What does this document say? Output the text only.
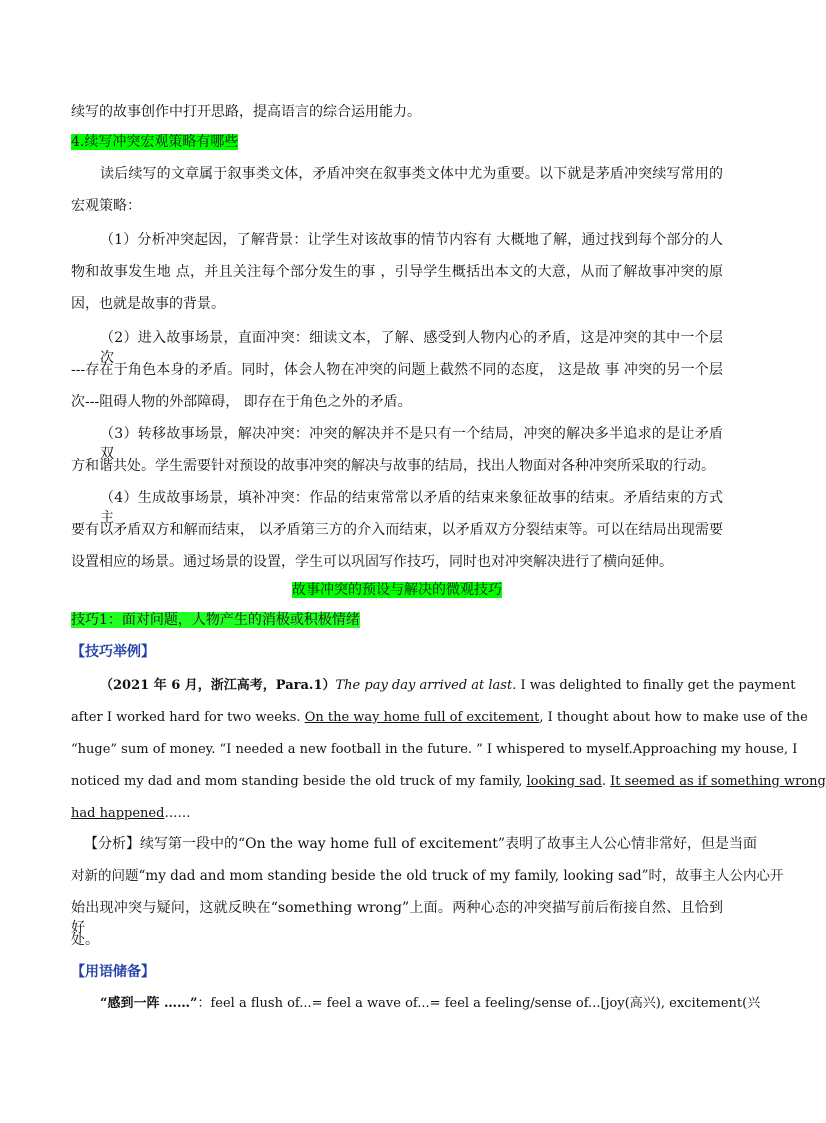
续写的故事创作中打开思路，提高语言的综合运用能力。
4.续写冲突宏观策略有哪些
读后续写的文章属于叙事类文体，矛盾冲突在叙事类文体中尤为重要。以下就是茅盾冲突续写常用的
宏观策略：
（1）分析冲突起因，了解背景：让学生对该故事的情节内容有 大概地了解，通过找到每个部分的人
物和故事发生地 点，并且关注每个部分发生的事 ，引导学生概括出本文的大意，从而了解故事冲突的原
因，也就是故事的背景。
（2）进入故事场景，直面冲突：细读文本，了解、感受到人物内心的矛盾，这是冲突的其中一个层次
---存在于角色本身的矛盾。同时，体会人物在冲突的问题上截然不同的态度， 这是故 事 冲突的另一个层
次---阻碍人物的外部障碍， 即存在于角色之外的矛盾。
（3）转移故事场景，解决冲突：冲突的解决并不是只有一个结局，冲突的解决多半追求的是让矛盾双
方和谐共处。学生需要针对预设的故事冲突的解决与故事的结局，找出人物面对各种冲突所采取的行动。
（4）生成故事场景，填补冲突：作品的结束常常以矛盾的结束来象征故事的结束。矛盾结束的方式主
要有以矛盾双方和解而结束， 以矛盾第三方的介入而结束，以矛盾双方分裂结束等。可以在结局出现需要
设置相应的场景。通过场景的设置，学生可以巩固写作技巧，同时也对冲突解决进行了横向延伸。
故事冲突的预设与解决的微观技巧
技巧1：面对问题，人物产生的消极或积极情绪
【技巧举例】
（2021 年 6 月，浙江高考，Para.1）The pay day arrived at last. I was delighted to finally get the payment
after I worked hard for two weeks. On the way home full of excitement, I thought about how to make use of the
“huge” sum of money. “I needed a new football in the future. ” I whispered to myself.Approaching my house, I
noticed my dad and mom standing beside the old truck of my family, looking sad. It seemed as if something wrong
had happened……
【分析】续写第一段中的“On the way home full of excitement”表明了故事主人公心情非常好，但是当面
对新的问题“my dad and mom standing beside the old truck of my family, looking sad”时，故事主人公内心开
始出现冲突与疑问，这就反映在“something wrong”上面。两种心态的冲突描写前后衔接自然、且恰到好
处。
【用语储备】
“感到一阵 ……”：feel a flush of...= feel a wave of...= feel a feeling/sense of...[joy(高兴), excitement(兴
